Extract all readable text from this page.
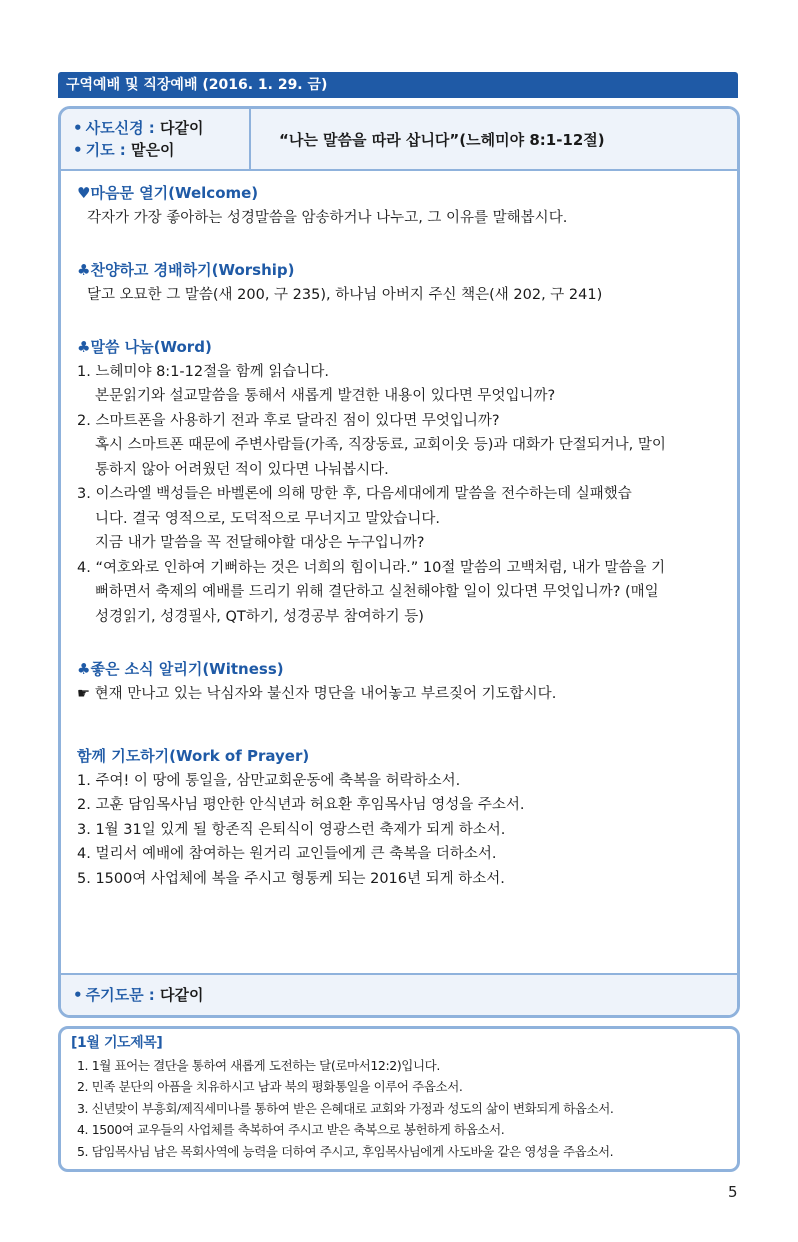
구역예배 및 직장예배 (2016. 1. 29. 금)
• 사도신경 : 다같이
• 기도 : 맡은이
“나는 말씀을 따라 삽니다”(느헤미야 8:1-12절)
♥마음문 열기(Welcome)
각자가 가장 좋아하는 성경말씀을 암송하거나 나누고, 그 이유를 말해봅시다.
♣찬양하고 경배하기(Worship)
달고 오묘한 그 말씀(새 200, 구 235), 하나님 아버지 주신 책은(새 202, 구 241)
♣말씀 나눔(Word)
1. 느헤미야 8:1-12절을 함께 읽습니다.
본문읽기와 설교말씀을 통해서 새롭게 발견한 내용이 있다면 무엇입니까?
2. 스마트폰을 사용하기 전과 후로 달라진 점이 있다면 무엇입니까?
혹시 스마트폰 때문에 주변사람들(가족, 직장동료, 교회이웃 등)과 대화가 단절되거나, 말이
통하지 않아 어려웠던 적이 있다면 나눠봅시다.
3. 이스라엘 백성들은 바벨론에 의해 망한 후, 다음세대에게 말씀을 전수하는데 실패했습
니다. 결국 영적으로, 도덕적으로 무너지고 말았습니다.
지금 내가 말씀을 꼭 전달해야할 대상은 누구입니까?
4. “여호와로 인하여 기뻐하는 것은 너희의 힘이니라.” 10절 말씀의 고백처럼, 내가 말씀을 기
뻐하면서 축제의 예배를 드리기 위해 결단하고 실천해야할 일이 있다면 무엇입니까? (매일
성경읽기, 성경필사, QT하기, 성경공부 참여하기 등)
♣좋은 소식 알리기(Witness)
☛ 현재 만나고 있는 낙심자와 불신자 명단을 내어놓고 부르짖어 기도합시다.
함께 기도하기(Work of Prayer)
1. 주여! 이 땅에 통일을, 삼만교회운동에 축복을 허락하소서.
2. 고훈 담임목사님 평안한 안식년과 허요환 후임목사님 영성을 주소서.
3. 1월 31일 있게 될 항존직 은퇴식이 영광스런 축제가 되게 하소서.
4. 멀리서 예배에 참여하는 원거리 교인들에게 큰 축복을 더하소서.
5. 1500여 사업체에 복을 주시고 형통케 되는 2016년 되게 하소서.
• 주기도문 : 다같이
[1월 기도제목]
1. 1월 표어는 결단을 통하여 새롭게 도전하는 달(로마서12:2)입니다.
2. 민족 분단의 아픔을 치유하시고 남과 북의 평화통일을 이루어 주옵소서.
3. 신년맞이 부흥회/제직세미나를 통하여 받은 은혜대로 교회와 가정과 성도의 삶이 변화되게 하옵소서.
4. 1500여 교우들의 사업체를 축복하여 주시고 받은 축복으로 봉헌하게 하옵소서.
5. 담임목사님 남은 목회사역에 능력을 더하여 주시고, 후임목사님에게 사도바울 같은 영성을 주옵소서.
5
